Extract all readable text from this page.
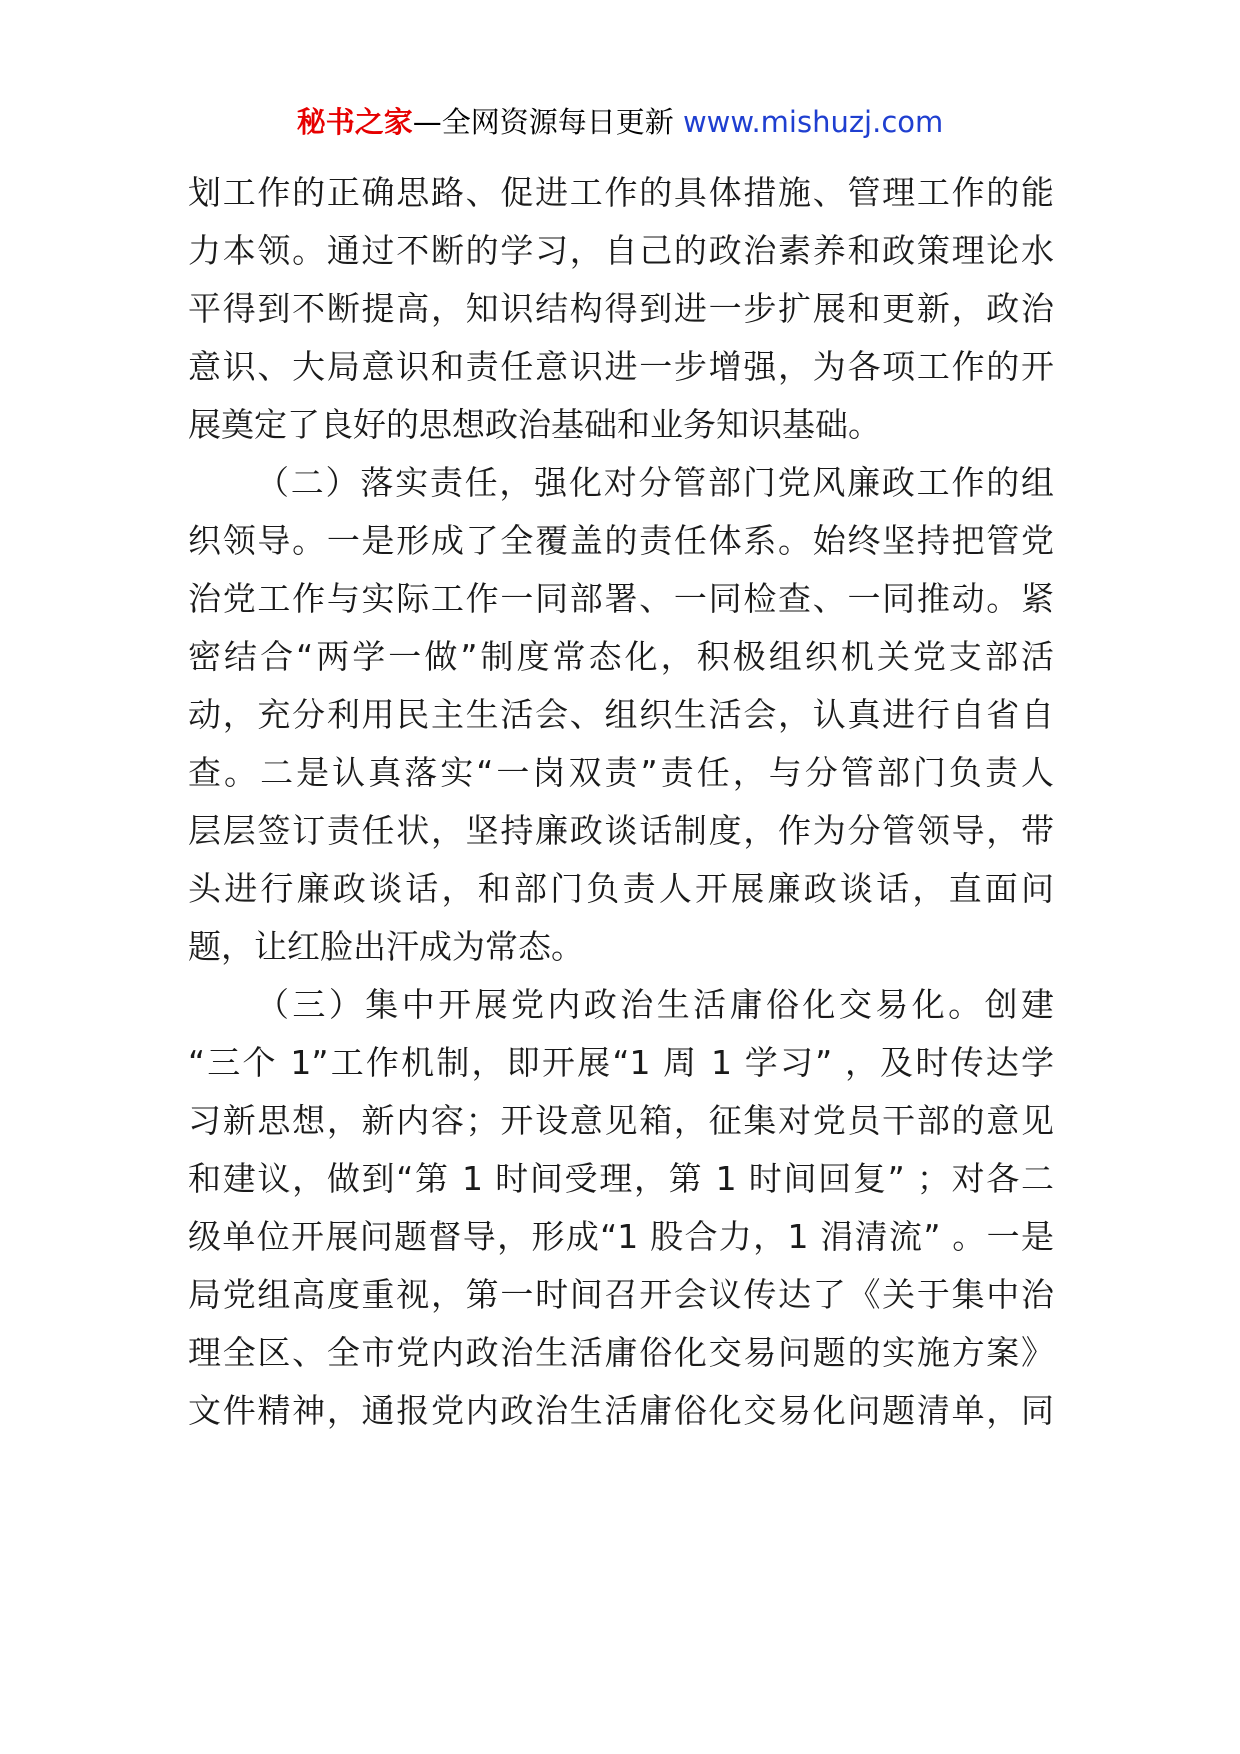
秘书之家—全网资源每日更新 www.mishuzj.com
划工作的正确思路、促进工作的具体措施、管理工作的能
力本领。通过不断的学习，自己的政治素养和政策理论水
平得到不断提高，知识结构得到进一步扩展和更新，政治
意识、大局意识和责任意识进一步增强，为各项工作的开
展奠定了良好的思想政治基础和业务知识基础。
（二）落实责任，强化对分管部门党风廉政工作的组
织领导。一是形成了全覆盖的责任体系。始终坚持把管党
治党工作与实际工作一同部署、一同检查、一同推动。紧
密结合“两学一做”制度常态化，积极组织机关党支部活
动，充分利用民主生活会、组织生活会，认真进行自省自
查。二是认真落实“一岗双责”责任，与分管部门负责人
层层签订责任状，坚持廉政谈话制度，作为分管领导，带
头进行廉政谈话，和部门负责人开展廉政谈话，直面问
题，让红脸出汗成为常态。
（三）集中开展党内政治生活庸俗化交易化。创建
“三个 1”工作机制，即开展“1 周 1 学习” ，及时传达学
习新思想，新内容；开设意见箱，征集对党员干部的意见
和建议，做到“第 1 时间受理，第 1 时间回复” ；对各二
级单位开展问题督导，形成“1 股合力，1 涓清流” 。一是
局党组高度重视，第一时间召开会议传达了《关于集中治
理全区、全市党内政治生活庸俗化交易问题的实施方案》
文件精神，通报党内政治生活庸俗化交易化问题清单，同
